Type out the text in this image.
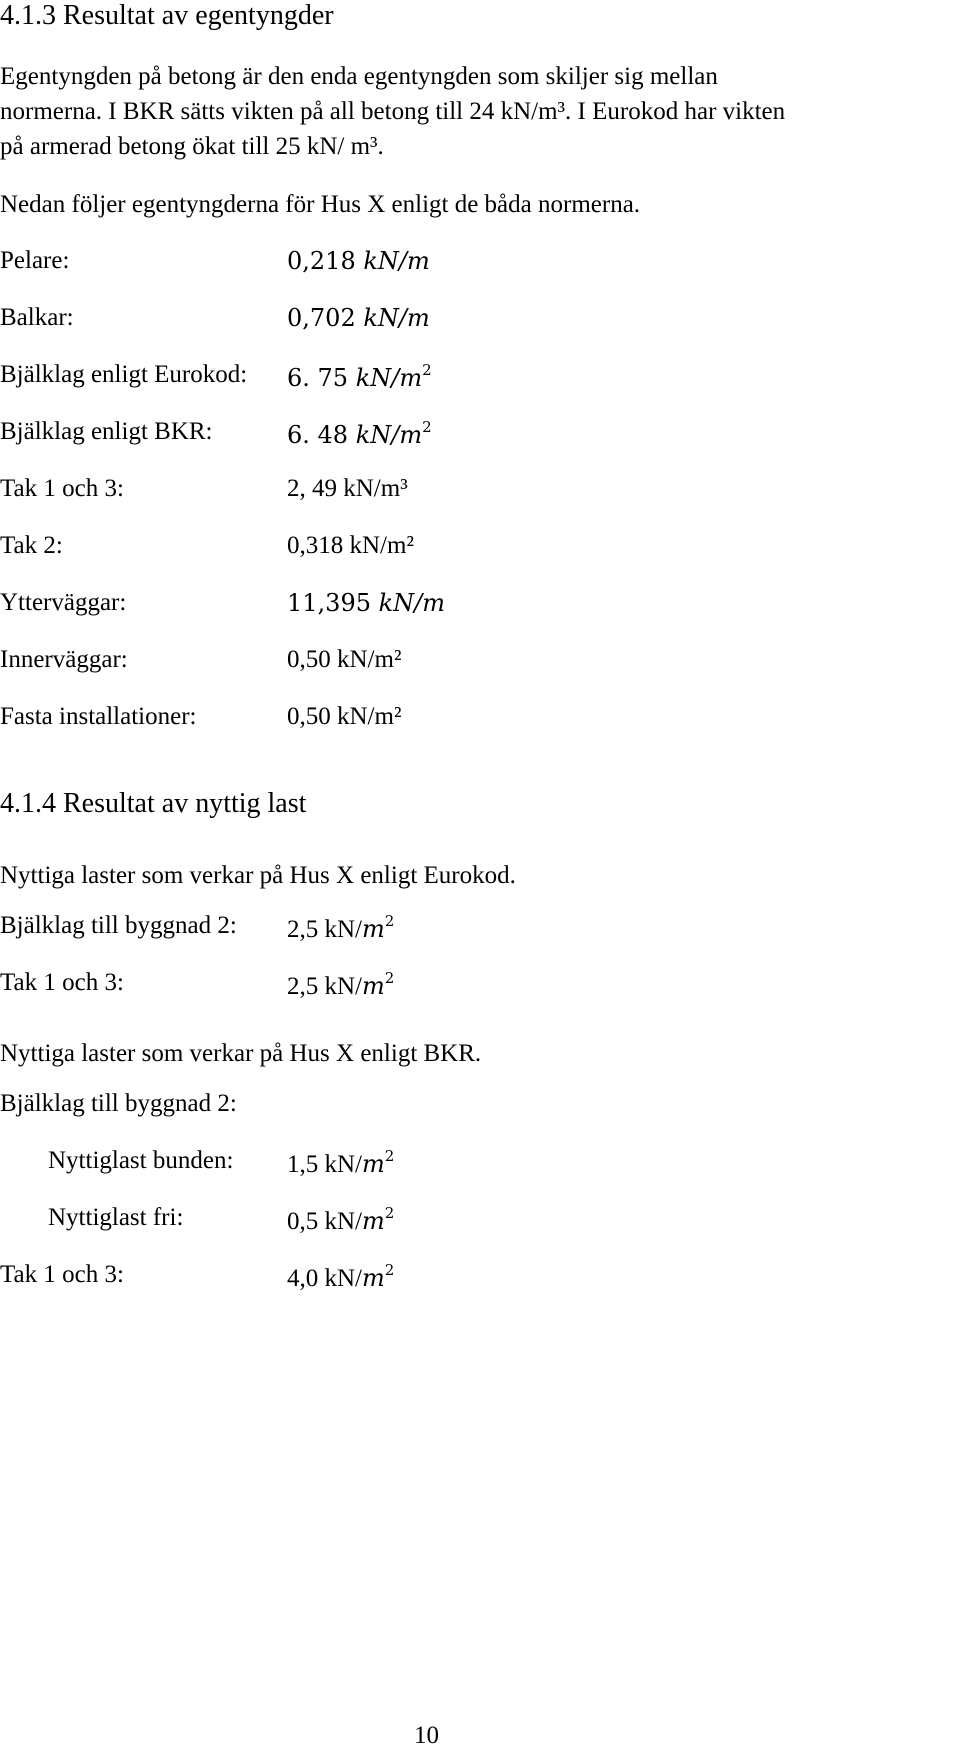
4.1.3 Resultat av egentyngder
Egentyngden på betong är den enda egentyngden som skiljer sig mellan
normerna. I BKR sätts vikten på all betong till 24 kN/m³. I Eurokod har vikten
på armerad betong ökat till 25 kN/ m³.
Nedan följer egentyngderna för Hus X enligt de båda normerna.
Pelare:	0,218 kN/m
Balkar:	0,702 kN/m
Bjälklag enligt Eurokod: 6. 75 $kN/m^2$
Bjälklag enligt BKR:	6. 48 $kN/m^2$
Tak 1 och 3:	2, 49 kN/m³
Tak 2:	0,318 kN/m²
Ytterväggar:	11,395 kN/m
Innerväggar:	0,50 kN/m²
Fasta installationer:	0,50 kN/m²
4.1.4 Resultat av nyttig last
Nyttiga laster som verkar på Hus X enligt Eurokod.
Bjälklag till byggnad 2: 2,5 $kN/m^2$
Tak 1 och 3:	2,5 $kN/m^2$
Nyttiga laster som verkar på Hus X enligt BKR.
Bjälklag till byggnad 2:
Nyttiglast bunden: 1,5 $kN/m^2$
Nyttiglast fri:	0,5 $kN/m^2$
Tak 1 och 3:	4,0 $kN/m^2$
10
